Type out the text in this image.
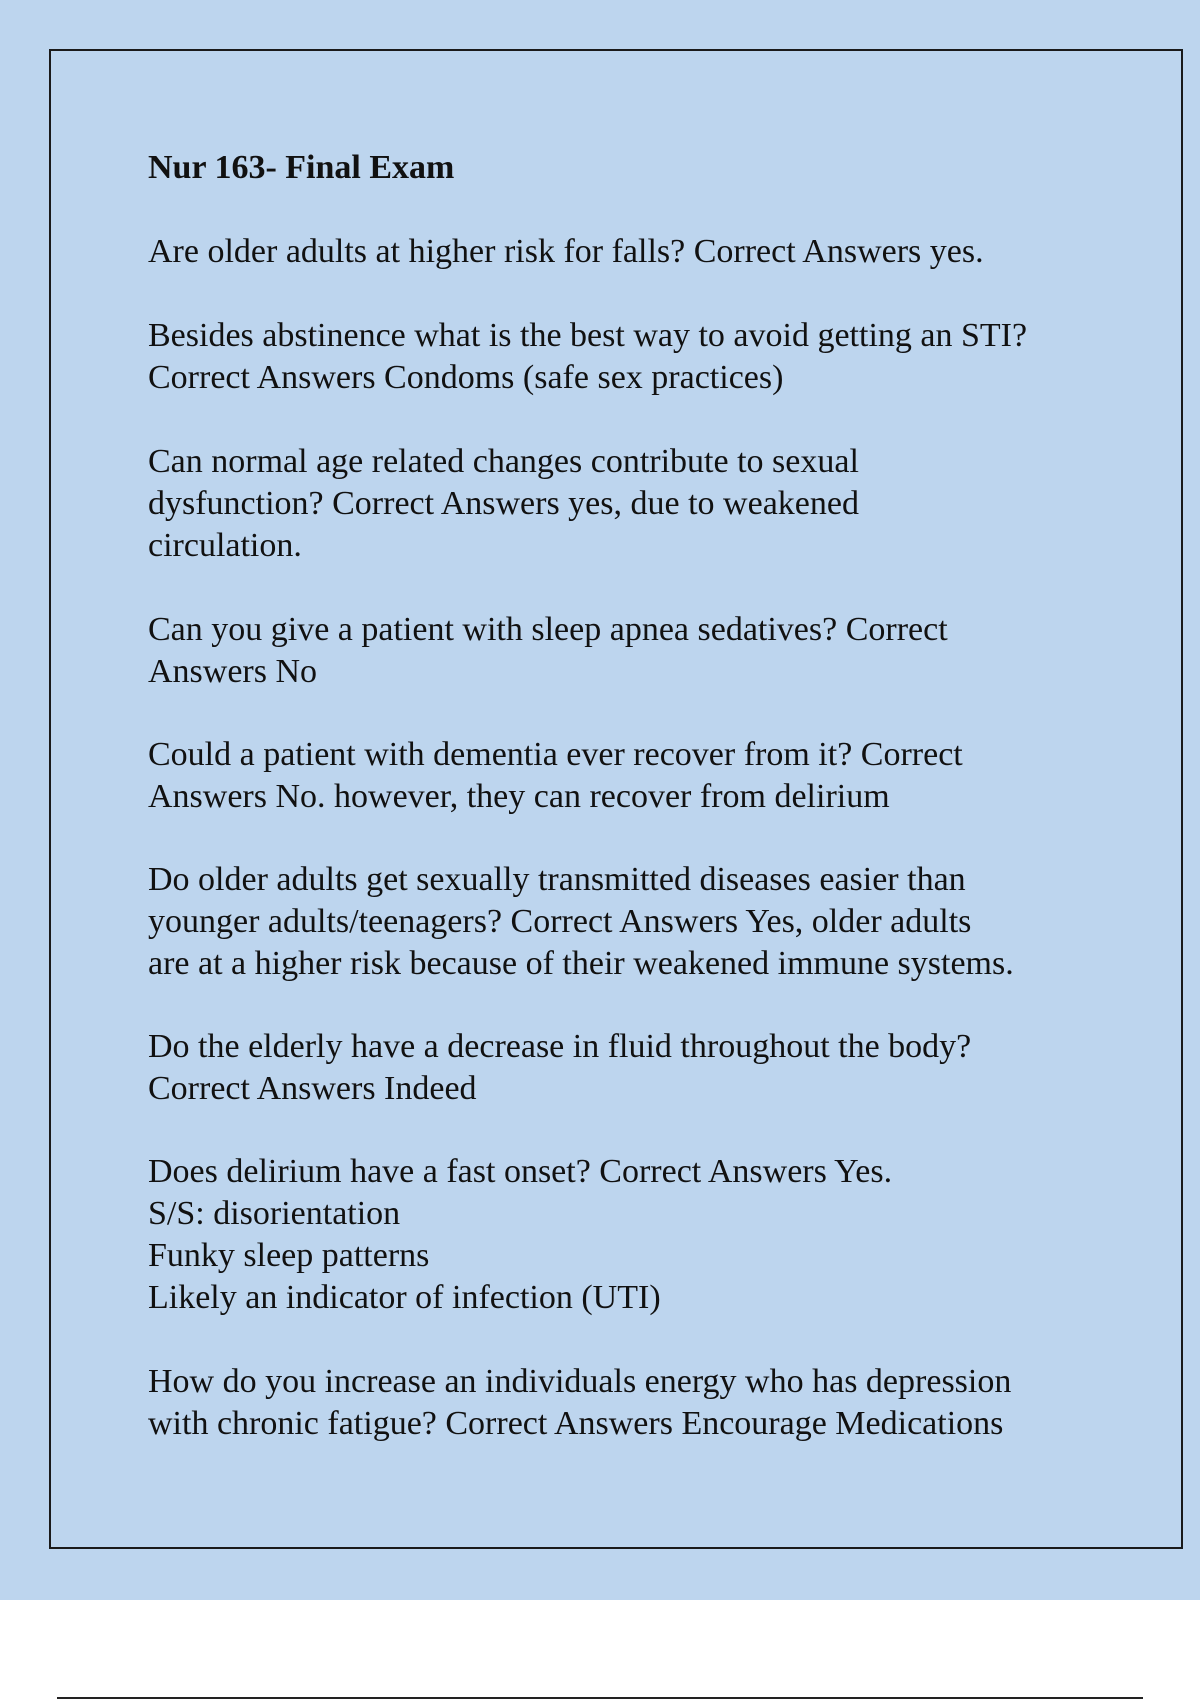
Nur 163- Final Exam

Are older adults at higher risk for falls? Correct Answers yes.

Besides abstinence what is the best way to avoid getting an STI?
Correct Answers Condoms (safe sex practices)

Can normal age related changes contribute to sexual
dysfunction? Correct Answers yes, due to weakened
circulation.

Can you give a patient with sleep apnea sedatives? Correct
Answers No

Could a patient with dementia ever recover from it? Correct
Answers No. however, they can recover from delirium

Do older adults get sexually transmitted diseases easier than
younger adults/teenagers? Correct Answers Yes, older adults
are at a higher risk because of their weakened immune systems.

Do the elderly have a decrease in fluid throughout the body?
Correct Answers Indeed

Does delirium have a fast onset? Correct Answers Yes.
S/S: disorientation
Funky sleep patterns
Likely an indicator of infection (UTI)

How do you increase an individuals energy who has depression
with chronic fatigue? Correct Answers Encourage Medications
